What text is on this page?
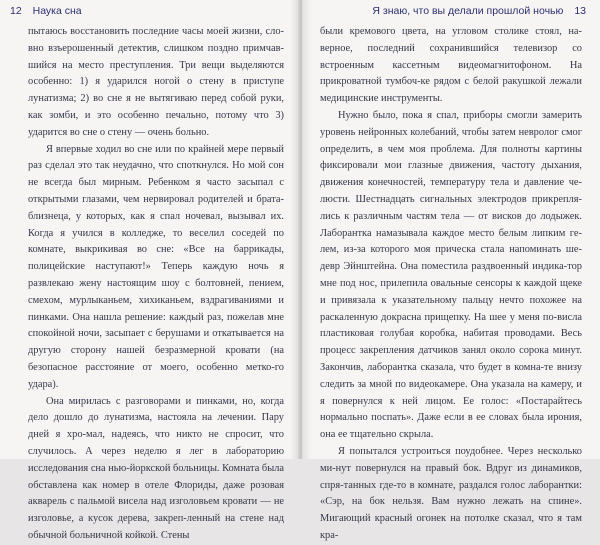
12 Наука сна

пытаюсь восстановить последние часы моей жизни, сло-вно взъерошенный детектив, слишком поздно примчав-шийся на место преступления. Три вещи выделяются особенно: 1) я ударился ногой о стену в приступе лунатизма; 2) во сне я не вытягиваю перед собой руки, как зомби, и это особенно печально, потому что 3) ударится во сне о стену — очень больно.

Я впервые ходил во сне или по крайней мере первый раз сделал это так неудачно, что споткнулся. Но мой сон не всегда был мирным. Ребенком я часто засыпал с открытыми глазами, чем нервировал родителей и брата-близнеца, у которых, как я спал ночевал, вызывал их. Когда я учился в колледже, то веселил соседей по комнате, выкрикивая во сне: «Все на баррикады, полицейские наступают!» Теперь каждую ночь я развлекаю жену настоящим шоу с болтовней, пением, смехом, мурлыканьем, хихиканьем, вздрагиваниями и пинками. Она нашла решение: каждый раз, пожелав мне спокойной ночи, засыпает с берушами и откатывается на другую сторону нашей безразмерной кровати (на безопасное расстояние от моего, особенно метко-го удара).

Она мирилась с разговорами и пинками, но, когда дело дошло до лунатизма, настояла на лечении. Пару дней я хро-мал, надеясь, что никто не спросит, что случилось. А через неделю я лег в лабораторию исследования сна нью-йоркской больницы. Комната была обставлена как номер в отеле Флориды, даже розовая акварель с пальмой висела над изголовьем кровати — не изголовье, а кусок дерева, закреп-ленный на стене над обычной больничной койкой. Стены

Я знаю, что вы делали прошлой ночью 13

были кремового цвета, на угловом столике стоял, на-верное, последний сохранившийся телевизор со встроенным кассетным видеомагнитофоном. На прикроватной тумбоч-ке рядом с белой ракушкой лежали медицинские инструменты.

Нужно было, пока я спал, приборы смогли замерить уровень нейронных колебаний, чтобы затем невролог смог определить, в чем моя проблема. Для полноты картины фиксировали мои глазные движения, частоту дыхания, движения конечностей, температуру тела и давление че-люсти. Шестнадцать сигнальных электродов прикрепля-лись к различным частям тела — от висков до лодыжек. Лаборантка намазывала каждое место белым липким ге-лем, из-за которого моя прическа стала напоминать ше-девр Эйнштейна. Она поместила раздвоенный индика-тор мне под нос, прилепила овальные сенсоры к каждой щеке и привязала к указательному пальцу нечто похожее на раскаленную докрасна прищепку. На шее у меня по-висла пластиковая голубая коробка, набитая проводами. Весь процесс закрепления датчиков занял около сорока минут. Закончив, лаборантка сказала, что будет в комна-те внизу следить за мной по видеокамере. Она указала на камеру, и я повернулся к ней лицом. Ее голос: «Постарайтесь нормально поспать». Даже если в ее словах была ирония, она ее тщательно скрыла.

Я попытался устроиться поудобнее. Через несколько ми-нут повернулся на правый бок. Вдруг из динамиков, спря-танных где-то в комнате, раздался голос лаборантки: «Сэр, на бок нельзя. Вам нужно лежать на спине». Мигающий красный огонек на потолке сказал, что я там кра-
